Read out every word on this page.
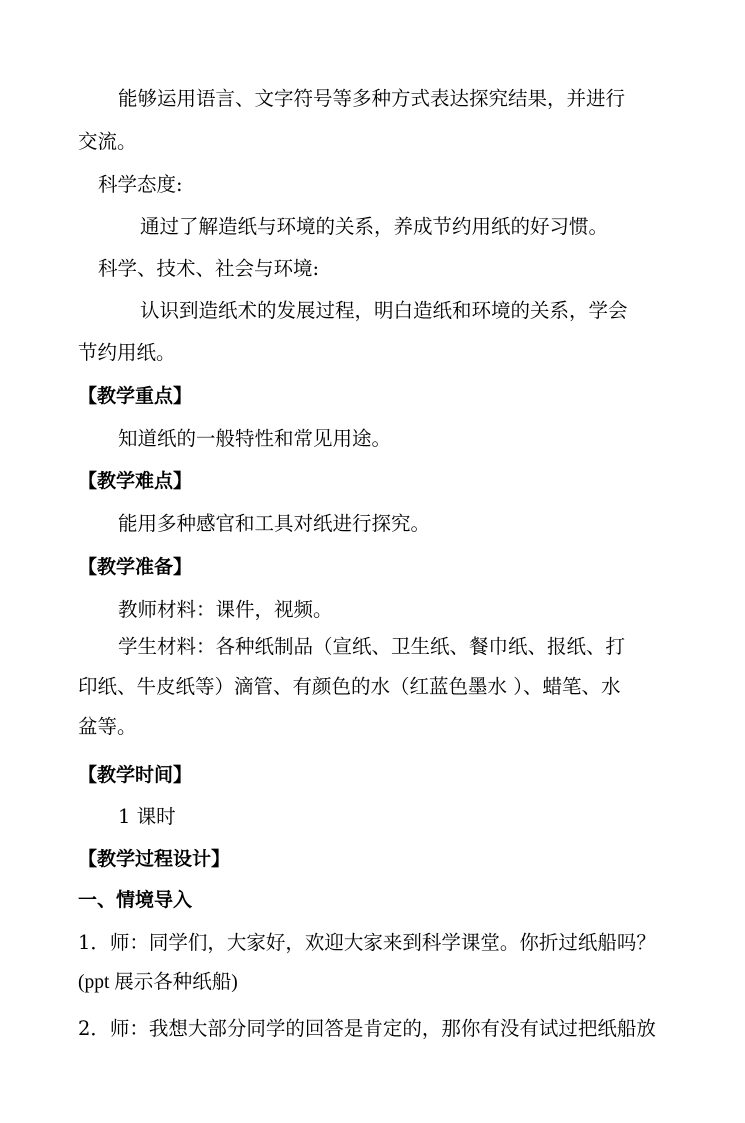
能够运用语言、文字符号等多种方式表达探究结果，并进行
交流。
科学态度:
通过了解造纸与环境的关系，养成节约用纸的好习惯。
科学、技术、社会与环境:
认识到造纸术的发展过程，明白造纸和环境的关系，学会
节约用纸。
【教学重点】
知道纸的一般特性和常见用途。
【教学难点】
能用多种感官和工具对纸进行探究。
【教学准备】
教师材料：课件，视频。
学生材料：各种纸制品（宣纸、卫生纸、餐巾纸、报纸、打
印纸、牛皮纸等）滴管、有颜色的水（红蓝色墨水 ）、蜡笔、水
盆等。
【教学时间】
1 课时
【教学过程设计】
一、情境导入
1．师：同学们，大家好，欢迎大家来到科学课堂。你折过纸船吗？
(ppt 展示各种纸船)
2．师：我想大部分同学的回答是肯定的，那你有没有试过把纸船放
